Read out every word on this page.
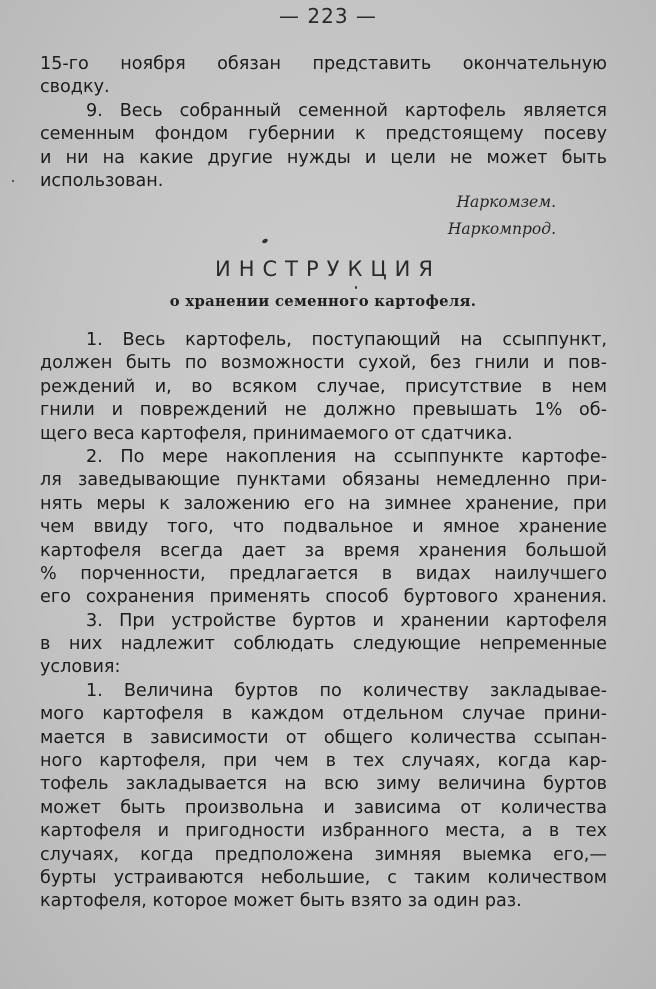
— 223 —
15-го ноября обязан представить окончательную
сводку.
9. Весь собранный семенной картофель является
семенным фондом губернии к предстоящему посеву
и ни на какие другие нужды и цели не может быть
использован.
Наркомзем.
Наркомпрод.
ИНСТРУКЦИЯ
о хранении семенного картофеля.
1. Весь картофель, поступающий на ссыппункт,
должен быть по возможности сухой, без гнили и пов-
реждений и, во всяком случае, присутствие в нем
гнили и повреждений не должно превышать 1% об-
щего веса картофеля, принимаемого от сдатчика.
2. По мере накопления на ссыппункте картофе-
ля заведывающие пунктами обязаны немедленно при-
нять меры к заложению его на зимнее хранение, при
чем ввиду того, что подвальное и ямное хранение
картофеля всегда дает за время хранения большой
% порченности, предлагается в видах наилучшего
его сохранения применять способ буртового хранения.
3. При устройстве буртов и хранении картофеля
в них надлежит соблюдать следующие непременные
условия:
1. Величина буртов по количеству закладывае-
мого картофеля в каждом отдельном случае прини-
мается в зависимости от общего количества ссыпан-
ного картофеля, при чем в тех случаях, когда кар-
тофель закладывается на всю зиму величина буртов
может быть произвольна и зависима от количества
картофеля и пригодности избранного места, а в тех
случаях, когда предположена зимняя выемка его,—
бурты устраиваются небольшие, с таким количеством
картофеля, которое может быть взято за один раз.
